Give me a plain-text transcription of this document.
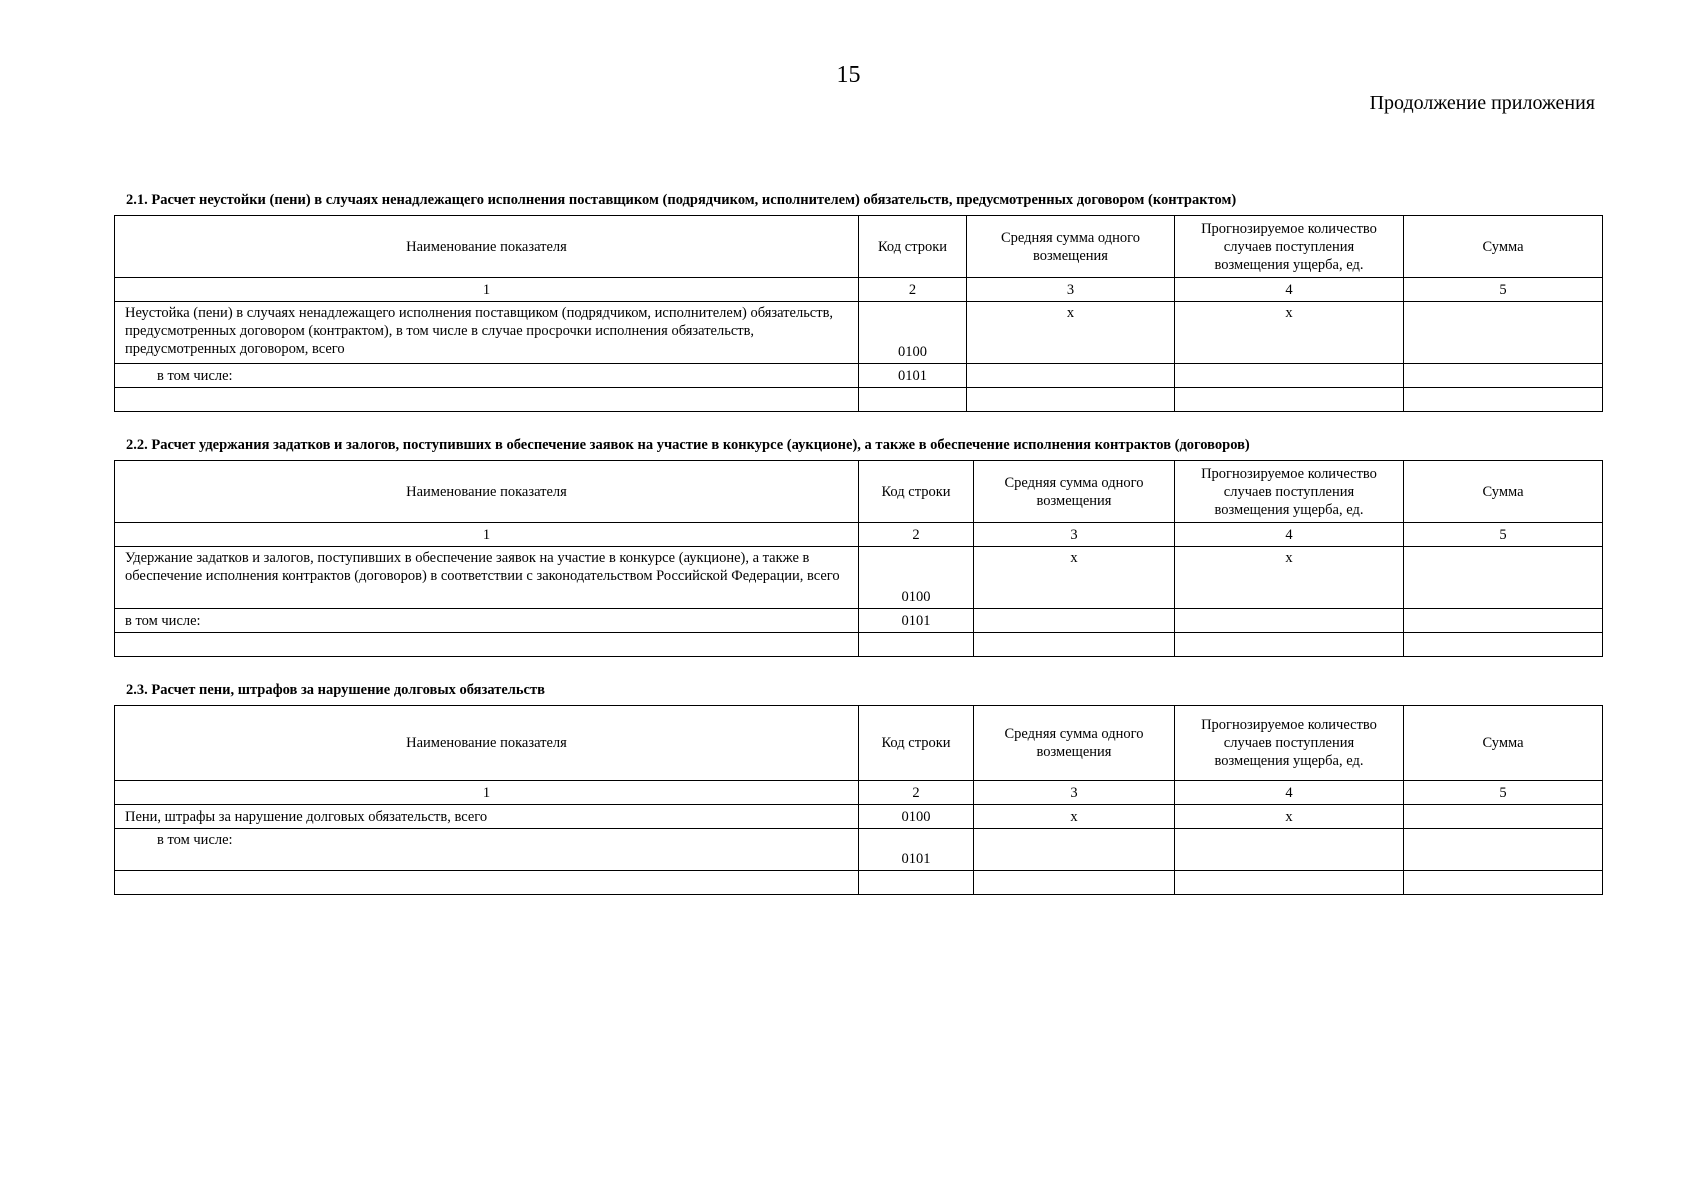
15
Продолжение приложения
2.1. Расчет неустойки (пени) в случаях ненадлежащего исполнения поставщиком (подрядчиком, исполнителем) обязательств, предусмотренных договором (контрактом)
Наименование показателя	Код строки	Средняя сумма одного возмещения	Прогнозируемое количество случаев поступления возмещения ущерба, ед.	Сумма
1	2	3	4	5
Неустойка (пени) в случаях ненадлежащего исполнения поставщиком (подрядчиком, исполнителем) обязательств, предусмотренных договором (контрактом), в том числе в случае просрочки исполнения обязательств, предусмотренных договором, всего	0100	x	x	
в том числе:	0101			

2.2. Расчет удержания задатков и залогов, поступивших в обеспечение заявок на участие в конкурсе (аукционе), а также в обеспечение исполнения контрактов (договоров)
Наименование показателя	Код строки	Средняя сумма одного возмещения	Прогнозируемое количество случаев поступления возмещения ущерба, ед.	Сумма
1	2	3	4	5
Удержание задатков и залогов, поступивших в обеспечение заявок на участие в конкурсе (аукционе), а также в обеспечение исполнения контрактов (договоров) в соответствии с законодательством Российской Федерации, всего	0100	x	x	
в том числе:	0101			

2.3. Расчет пени, штрафов за нарушение долговых обязательств
Наименование показателя	Код строки	Средняя сумма одного возмещения	Прогнозируемое количество случаев поступления возмещения ущерба, ед.	Сумма
1	2	3	4	5
Пени, штрафы за нарушение долговых обязательств, всего	0100	x	x	
в том числе:	0101			
